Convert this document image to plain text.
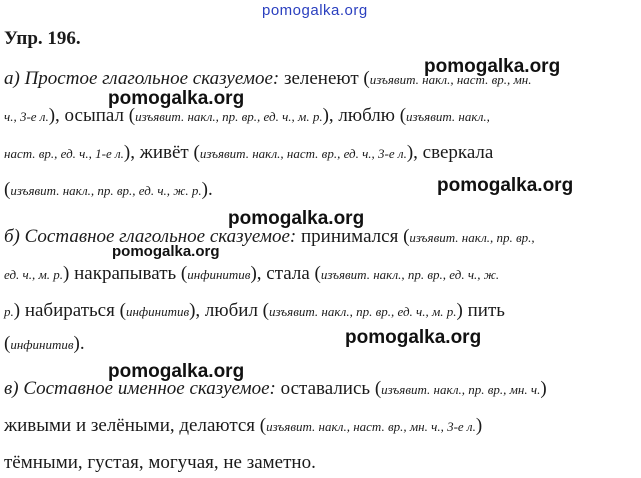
pomogalka.org
Упр. 196.
а) Простое глагольное сказуемое: зеленеют (изъявит. накл., наст. вр., мн.
ч., 3-е л.), осыпал (изъявит. накл., пр. вр., ед. ч., м. р.), люблю (изъявит. накл.,
наст. вр., ед. ч., 1-е л.), живёт (изъявит. накл., наст. вр., ед. ч., 3-е л.), сверкала
(изъявит. накл., пр. вр., ед. ч., ж. р.).
б) Составное глагольное сказуемое: принимался (изъявит. накл., пр. вр.,
ед. ч., м. р.) накрапывать (инфинитив), стала (изъявит. накл., пр. вр., ед. ч., ж.
р.) набираться (инфинитив), любил (изъявит. накл., пр. вр., ед. ч., м. р.) пить
(инфинитив).
в) Составное именное сказуемое: оставались (изъявит. накл., пр. вр., мн. ч.)
живыми и зелёными, делаются (изъявит. накл., наст. вр., мн. ч., 3-е л.)
тёмными, густая, могучая, не заметно.
pomogalka.org
pomogalka.org
pomogalka.org
pomogalka.org
pomogalka.org
pomogalka.org
pomogalka.org
